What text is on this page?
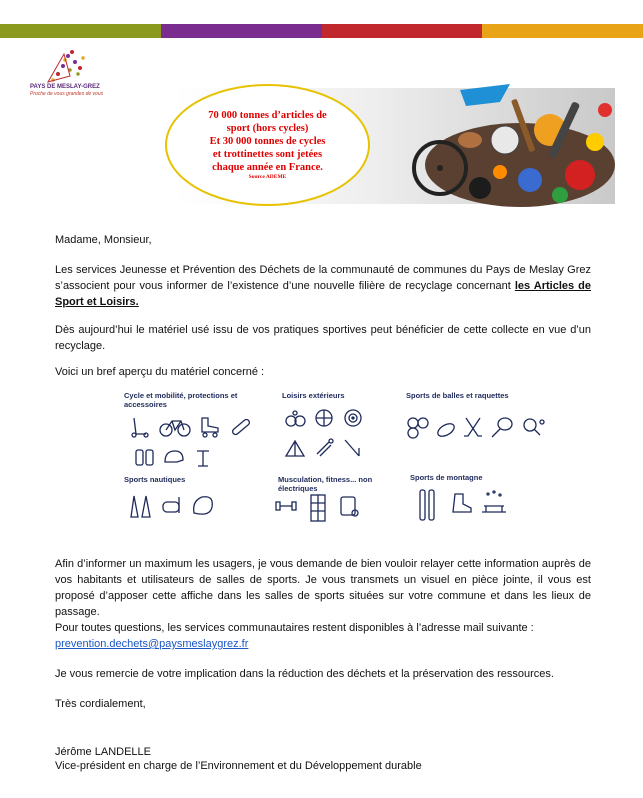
PAYS DE MESLAY-GREZ
Proche de vous grandes de vous
70 000 tonnes d’articles de
sport (hors cycles)
Et 30 000 tonnes de cycles
et trottinettes sont jetées
chaque année en France.
Source ADEME
Madame, Monsieur,
Les services Jeunesse et Prévention des Déchets de la communauté de communes du Pays de Meslay Grez s’associent pour vous informer de l’existence d’une nouvelle filière de recyclage concernant les Articles de Sport et Loisirs.
Dès aujourd’hui le matériel usé issu de vos pratiques sportives peut bénéficier de cette collecte en vue d’un recyclage.
Voici un bref aperçu du matériel concerné :
Cycle et mobilité, protections et accessoires
Loisirs extérieurs	Sports de balles et raquettes
Sports nautiques	Musculation, fitness... non électriques
Sports de montagne
Afin d’informer un maximum les usagers, je vous demande de bien vouloir relayer cette information auprès de vos habitants et utilisateurs de salles de sports. Je vous transmets un visuel en pièce jointe, il vous est proposé d’apposer cette affiche dans les salles de sports situées sur votre commune et dans les lieux de passage.
Pour toutes questions, les services communautaires restent disponibles à l’adresse mail suivante :
prevention.dechets@paysmeslaygrez.fr
Je vous remercie de votre implication dans la réduction des déchets et la préservation des ressources.
Très cordialement,
Jérôme LANDELLE
Vice-président en charge de l’Environnement et du Développement durable
